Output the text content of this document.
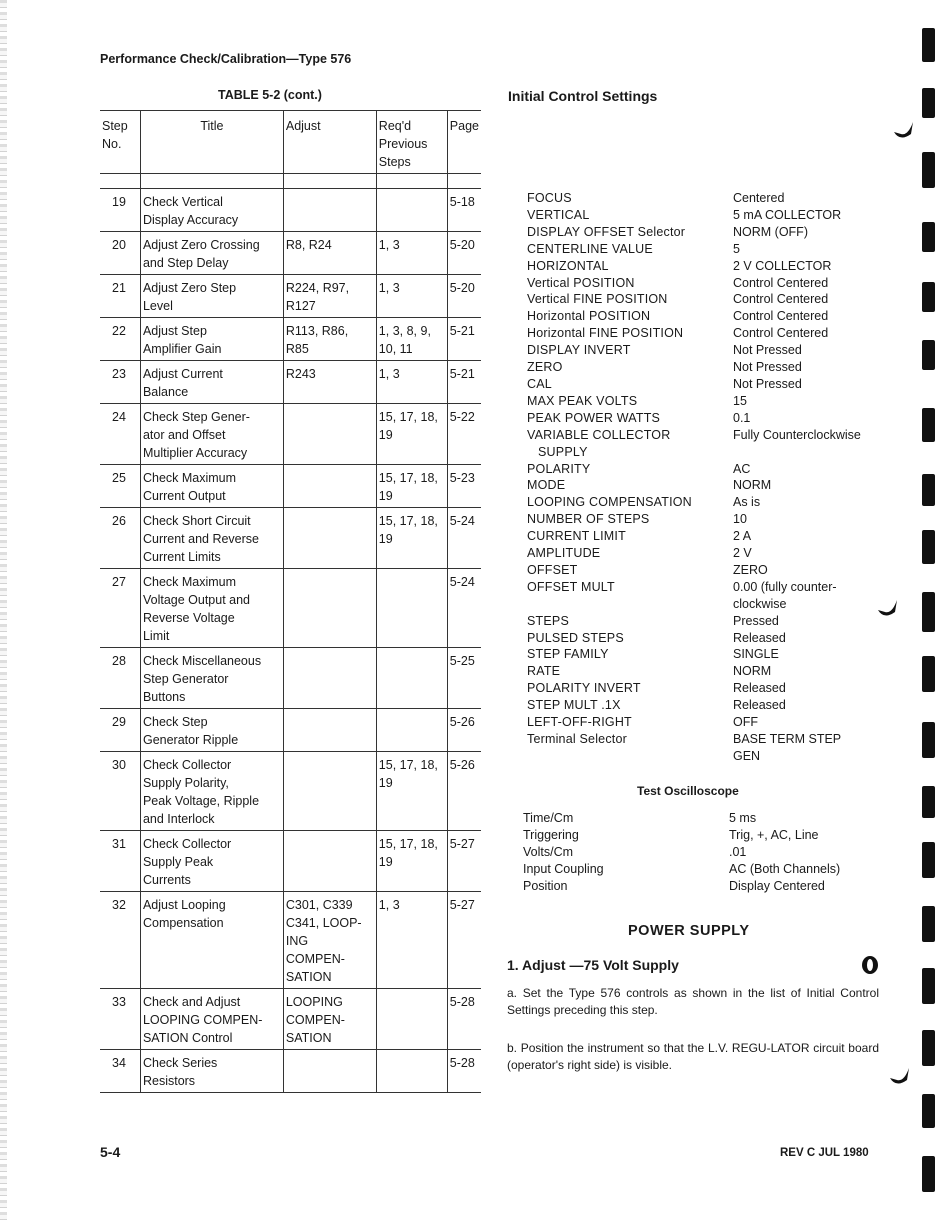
Performance Check/Calibration—Type 576
TABLE 5-2 (cont.)
Step
No.	Title	Adjust	Req'd
Previous
Steps	Page

19	Check Vertical
Display Accuracy			5-18
20	Adjust Zero Crossing
and Step Delay	R8, R24	1, 3	5-20
21	Adjust Zero Step
Level	R224, R97,
R127	1, 3	5-20
22	Adjust Step
Amplifier Gain	R113, R86,
R85	1, 3, 8, 9,
10, 11	5-21
23	Adjust Current
Balance	R243	1, 3	5-21
24	Check Step Gener-
ator and Offset
Multiplier Accuracy		15, 17, 18,
19	5-22
25	Check Maximum
Current Output		15, 17, 18,
19	5-23
26	Check Short Circuit
Current and Reverse
Current Limits		15, 17, 18,
19	5-24
27	Check Maximum
Voltage Output and
Reverse Voltage
Limit			5-24
28	Check Miscellaneous
Step Generator
Buttons			5-25
29	Check Step
Generator Ripple			5-26
30	Check Collector
Supply Polarity,
Peak Voltage, Ripple
and Interlock		15, 17, 18,
19	5-26
31	Check Collector
Supply Peak
Currents		15, 17, 18,
19	5-27
32	Adjust Looping
Compensation	C301, C339
C341, LOOP-
ING
COMPEN-
SATION	1, 3	5-27
33	Check and Adjust
LOOPING COMPEN-
SATION Control	LOOPING
COMPEN-
SATION		5-28
34	Check Series
Resistors			5-28
Initial Control Settings
FOCUS	Centered
VERTICAL	5 mA COLLECTOR
DISPLAY OFFSET Selector	NORM (OFF)
CENTERLINE VALUE	5
HORIZONTAL	2 V COLLECTOR
Vertical POSITION	Control Centered
Vertical FINE POSITION	Control Centered
Horizontal POSITION	Control Centered
Horizontal FINE POSITION	Control Centered
DISPLAY INVERT	Not Pressed
ZERO	Not Pressed
CAL	Not Pressed
MAX PEAK VOLTS	15
PEAK POWER WATTS	0.1
VARIABLE COLLECTOR
SUPPLY
Fully Counterclockwise
POLARITY	AC
MODE	NORM
LOOPING COMPENSATION	As is
NUMBER OF STEPS	10
CURRENT LIMIT	2 A
AMPLITUDE	2 V
OFFSET	ZERO
OFFSET MULT	0.00 (fully counter-
clockwise
STEPS	Pressed
PULSED STEPS	Released
STEP FAMILY	SINGLE
RATE	NORM
POLARITY INVERT	Released
STEP MULT .1X	Released
LEFT-OFF-RIGHT	OFF
Terminal Selector	BASE TERM STEP
GEN
Test Oscilloscope
Time/Cm	5 ms
Triggering	Trig, +, AC, Line
Volts/Cm	.01
Input Coupling	AC (Both Channels)
Position	Display Centered
POWER SUPPLY
1. Adjust —75 Volt Supply
a. Set the Type 576 controls as shown in the list of Initial Control Settings preceding this step.
b. Position the instrument so that the L.V. REGU-LATOR circuit board (operator's right side) is visible.
5-4	REV C JUL 1980
